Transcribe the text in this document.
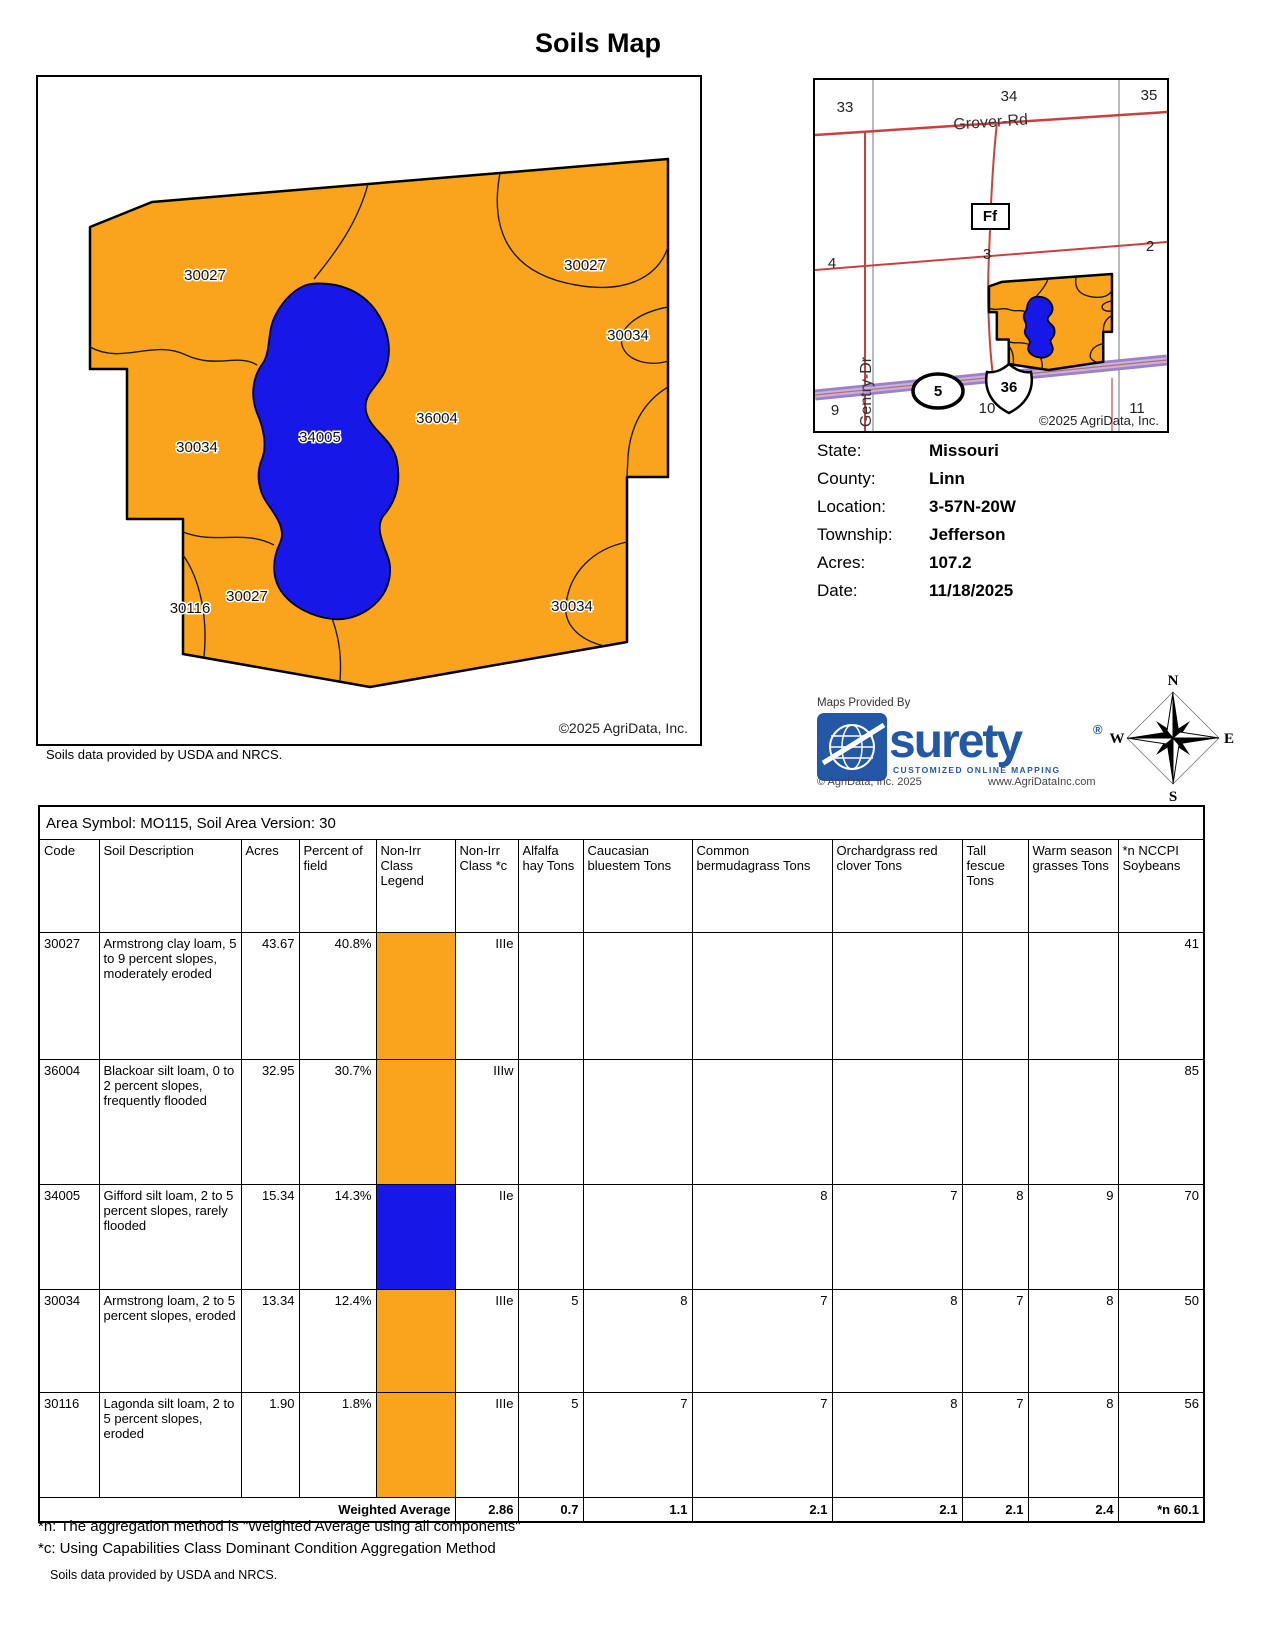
Soils Map
30027
30027
30034
36004
30034
34005
30027
30116	30034
©2025 AgriData, Inc.
Soils data provided by USDA and NRCS.
Ff
5	36
Grover-Rd
Gentry-Dr
33
34	35
4
3	2
9	10	11
©2025 AgriData, Inc.
State:	Missouri
County:	Linn
Location:	3-57N-20W
Township: Jefferson
Acres:	107.2
Date:	11/18/2025
Maps Provided By
surety	®
CUSTOMIZED ONLINE MAPPING
© AgriData, Inc. 2025	www.AgriDataInc.com
N
E
W
S
Area Symbol: MO115, Soil Area Version: 30												
Code	Soil Description	Acres	Percent of field	Non-Irr Class Legend	Non-Irr Class *c	Alfalfa hay Tons	Caucasian bluestem Tons	Common bermudagrass Tons	Orchardgrass red clover Tons	Tall fescue Tons	Warm season grasses Tons	*n NCCPI Soybeans
30027	Armstrong clay loam, 5 to 9 percent slopes, moderately eroded	43.67	40.8%		IIIe							41
36004	Blackoar silt loam, 0 to 2 percent slopes, frequently flooded	32.95	30.7%		IIIw							85
34005	Gifford silt loam, 2 to 5 percent slopes, rarely flooded	15.34	14.3%		IIe			8	7	8	9	70
30034	Armstrong loam, 2 to 5 percent slopes, eroded	13.34	12.4%		IIIe	5	8	7	8	7	8	50
30116	Lagonda silt loam, 2 to 5 percent slopes, eroded	1.90	1.8%		IIIe	5	7	7	8	7	8	56
Weighted Average					2.86	0.7	1.1	2.1	2.1	2.1	2.4	*n 60.1
*n: The aggregation method is "Weighted Average using all components"
*c: Using Capabilities Class Dominant Condition Aggregation Method
Soils data provided by USDA and NRCS.
